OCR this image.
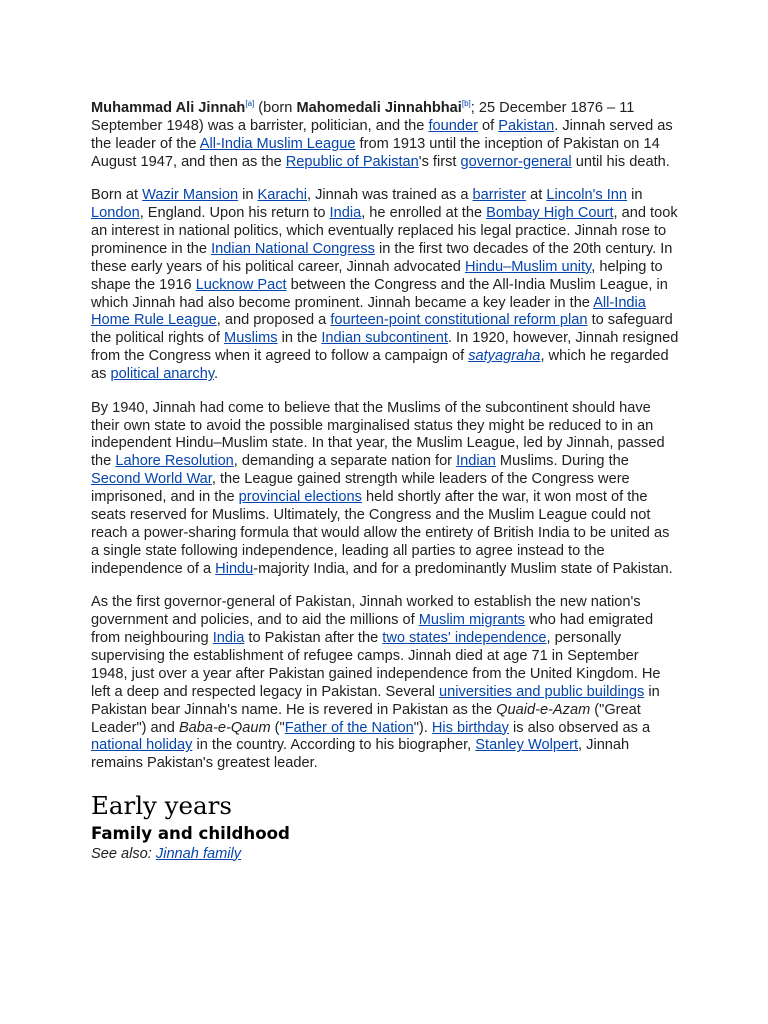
Muhammad Ali Jinnah[a] (born Mahomedali Jinnahbhai[b]; 25 December 1876 – 11 September 1948) was a barrister, politician, and the founder of Pakistan. Jinnah served as the leader of the All-India Muslim League from 1913 until the inception of Pakistan on 14 August 1947, and then as the Republic of Pakistan's first governor-general until his death.

Born at Wazir Mansion in Karachi, Jinnah was trained as a barrister at Lincoln's Inn in London, England. Upon his return to India, he enrolled at the Bombay High Court, and took an interest in national politics, which eventually replaced his legal practice. Jinnah rose to prominence in the Indian National Congress in the first two decades of the 20th century. In these early years of his political career, Jinnah advocated Hindu–Muslim unity, helping to shape the 1916 Lucknow Pact between the Congress and the All-India Muslim League, in which Jinnah had also become prominent. Jinnah became a key leader in the All-India Home Rule League, and proposed a fourteen-point constitutional reform plan to safeguard the political rights of Muslims in the Indian subcontinent. In 1920, however, Jinnah resigned from the Congress when it agreed to follow a campaign of satyagraha, which he regarded as political anarchy.

By 1940, Jinnah had come to believe that the Muslims of the subcontinent should have their own state to avoid the possible marginalised status they might be reduced to in an independent Hindu–Muslim state. In that year, the Muslim League, led by Jinnah, passed the Lahore Resolution, demanding a separate nation for Indian Muslims. During the Second World War, the League gained strength while leaders of the Congress were imprisoned, and in the provincial elections held shortly after the war, it won most of the seats reserved for Muslims. Ultimately, the Congress and the Muslim League could not reach a power-sharing formula that would allow the entirety of British India to be united as a single state following independence, leading all parties to agree instead to the independence of a Hindu-majority India, and for a predominantly Muslim state of Pakistan.

As the first governor-general of Pakistan, Jinnah worked to establish the new nation's government and policies, and to aid the millions of Muslim migrants who had emigrated from neighbouring India to Pakistan after the two states' independence, personally supervising the establishment of refugee camps. Jinnah died at age 71 in September 1948, just over a year after Pakistan gained independence from the United Kingdom. He left a deep and respected legacy in Pakistan. Several universities and public buildings in Pakistan bear Jinnah's name. He is revered in Pakistan as the Quaid-e-Azam ("Great Leader") and Baba-e-Qaum ("Father of the Nation"). His birthday is also observed as a national holiday in the country. According to his biographer, Stanley Wolpert, Jinnah remains Pakistan's greatest leader.

Early years
Family and childhood
See also: Jinnah family
